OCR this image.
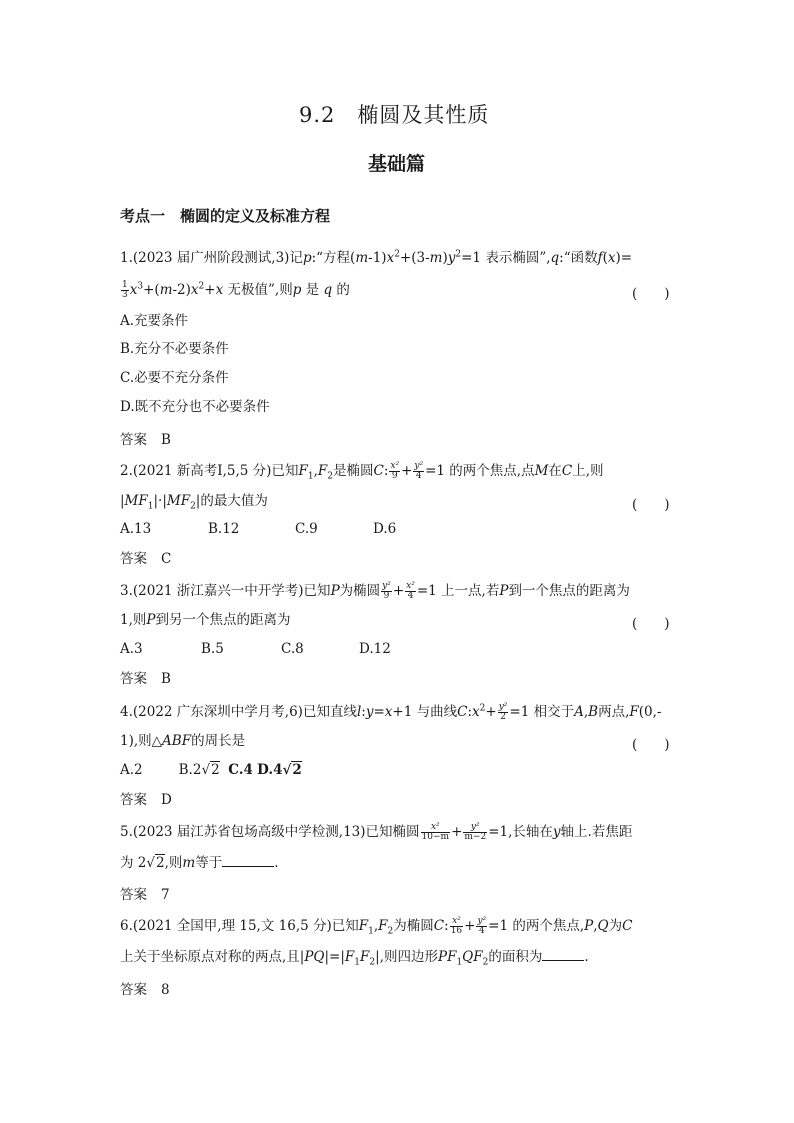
9.2　椭圆及其性质
基础篇
考点一　椭圆的定义及标准方程
1.(2023 届广州阶段测试,3)记p:“方程$(m-1)x^2+(3-m)y^2=1$ 表示椭圆”,q:“函数f(x)=
$\frac{1}{3} x^3+(m-2)x^2+x$ 无极值”,则p 是 q 的	(　　)
A.充要条件
B.充分不必要条件
C.必要不充分条件
D.既不充分也不必要条件
答案 B
2.(2021 新高考Ⅰ,5,5 分)已知$F_1,F_2$是椭圆C: $\frac{\text{x²}}{9} + \frac{\text{y²}}{4} =1$ 的两个焦点,点M在C上,则
$|MF_1|\cdot|MF_2|$的最大值为	(　　)
A.13	B.12	C.9	D.6
答案 C
3.(2021 浙江嘉兴一中开学考)已知P为椭圆 $\frac{\text{y²}}{9} + \frac{\text{x²}}{4} =1$ 上一点,若P到一个焦点的距离为
1,则P到另一个焦点的距离为	(　　)
A.3	B.5	C.8	D.12
答案 B
4.(2022 广东深圳中学月考,6)已知直线l:y=x+1 与曲线$C:x^2+ \frac{\text{y²}}{2} =1$ 相交于A,B两点,F(0,-
1),则△ABF的周长是	(　　)
A.2	B.2√2 C.4 D.4√2
答案 D
5.(2023 届江苏省包场高级中学检测,13)已知椭圆 $\frac{\text{x²}}{10-m} + \frac{\text{y²}}{m-2} =1$,长轴在y轴上.若焦距
为 2√2,则m等于	.
答案 7
6.(2021 全国甲,理 15,文 16,5 分)已知$F_1,F_2$为椭圆C: $\frac{\text{x²}}{16} + \frac{\text{y²}}{4} =1$ 的两个焦点,P,Q为C
上关于坐标原点对称的两点,且$|PQ|=|F_1F_2|$,则四边形$PF_1QF_2$的面积为	.
答案 8
